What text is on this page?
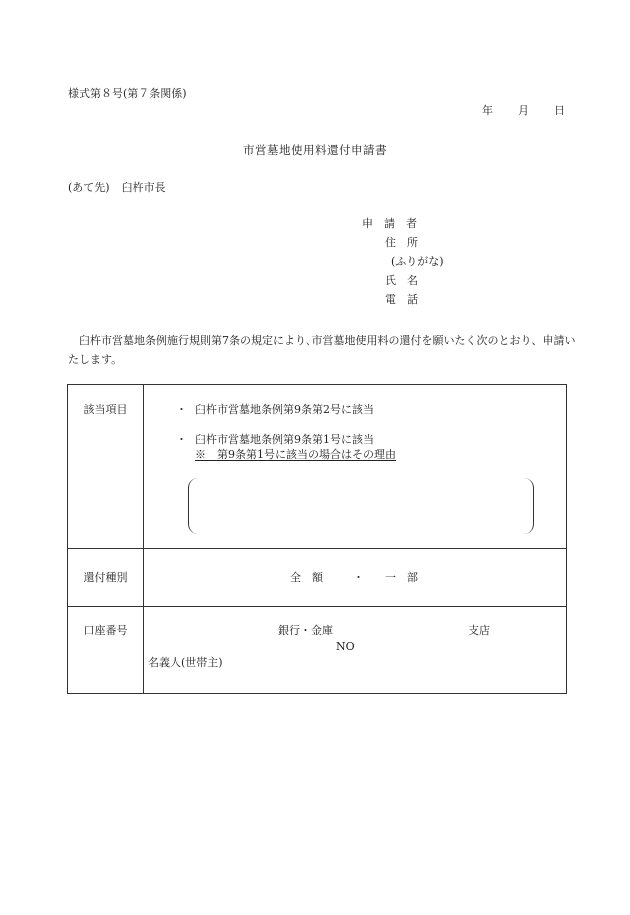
様式第８号(第７条関係)
年 月 日
市営墓地使用料還付申請書
(あて先) 臼杵市長
申　請　者
住　所
(ふりがな)
氏　名
電　話
臼杵市営墓地条例施行規則第7条の規定により､市営墓地使用料の還付を願いたく次のとおり、申請いたします。
該当項目	・ 臼杵市営墓地条例第9条第2号に該当
・ 臼杵市営墓地条例第9条第1号に該当
※　第9条第1号に該当の場合はその理由
還付種別	全　額	・ 一　部
口座番号	銀行・金庫	支店
NO
名義人(世帯主)
